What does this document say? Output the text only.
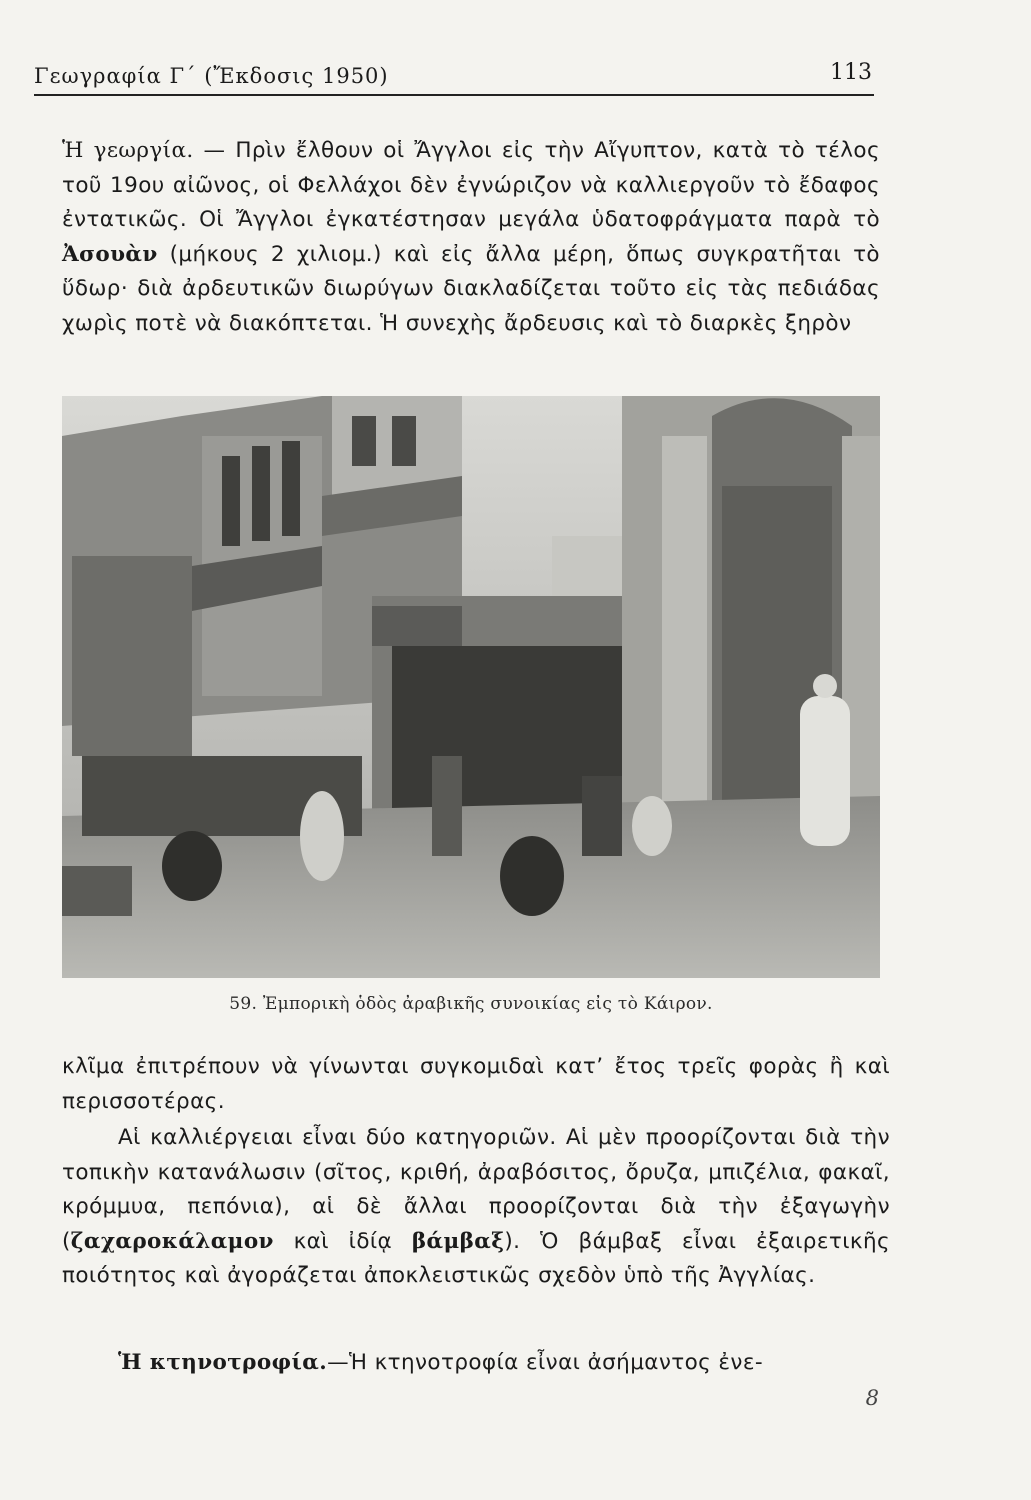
Γεωγραφία Γ΄ (Ἔκδοσις 1950)	113

Ἡ γεωργία. — Πρὶν ἔλθουν οἱ Ἄγγλοι εἰς τὴν Αἴγυπτον, κατὰ τὸ τέλος τοῦ 19ου αἰῶνος, οἱ Φελλάχοι δὲν ἐγνώριζον νὰ καλλιεργοῦν τὸ ἔδαφος ἐντατικῶς. Οἱ Ἄγγλοι ἐγκατέστησαν μεγάλα ὑδατοφράγματα παρὰ τὸ Ἀσουὰν (μήκους 2 χιλιομ.) καὶ εἰς ἄλλα μέρη, ὅπως συγκρατῆται τὸ ὕδωρ· διὰ ἀρδευτικῶν διωρύγων διακλαδίζεται τοῦτο εἰς τὰς πεδιάδας χωρὶς ποτὲ νὰ διακόπτεται. Ἡ συνεχὴς ἄρδευσις καὶ τὸ διαρκὲς ξηρὸν

59. Ἐμπορικὴ ὁδὸς ἀραβικῆς συνοικίας εἰς τὸ Κάιρον.

κλῖμα ἐπιτρέπουν νὰ γίνωνται συγκομιδαὶ κατ’ ἔτος τρεῖς φορὰς ἢ καὶ περισσοτέρας.

Αἱ καλλιέργειαι εἶναι δύο κατηγοριῶν. Αἱ μὲν προορίζονται διὰ τὴν τοπικὴν κατανάλωσιν (σῖτος, κριθή, ἀραβόσιτος, ὄρυζα, μπιζέλια, φακαῖ, κρόμμυα, πεπόνια), αἱ δὲ ἄλλαι προορίζονται διὰ τὴν ἐξαγωγὴν (ζαχαροκάλαμον καὶ ἰδίᾳ βάμβαξ). Ὁ βάμβαξ εἶναι ἐξαιρετικῆς ποιότητος καὶ ἀγοράζεται ἀποκλειστικῶς σχεδὸν ὑπὸ τῆς Ἀγγλίας.

Ἡ κτηνοτροφία.—Ἡ κτηνοτροφία εἶναι ἀσήμαντος ἐνε-

8
